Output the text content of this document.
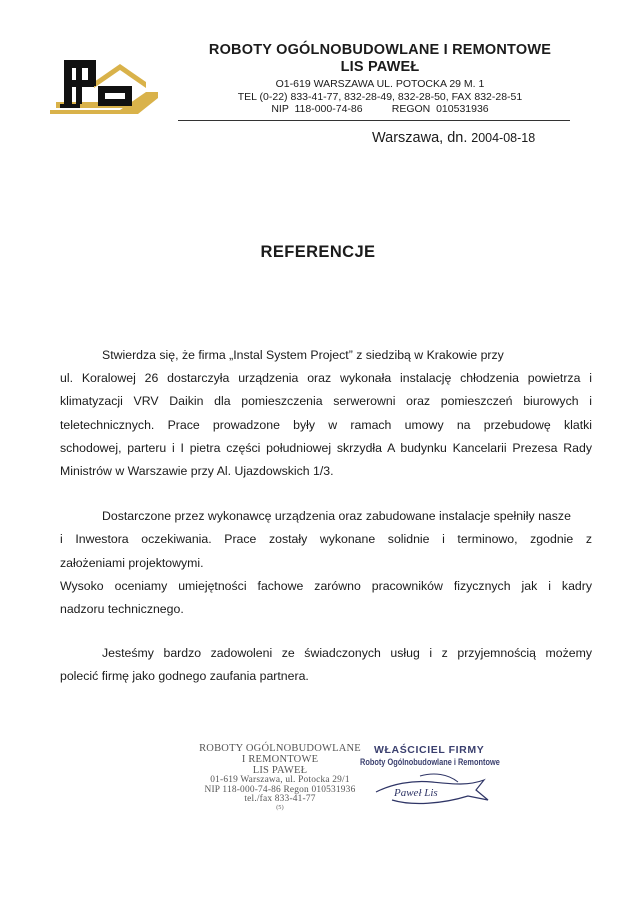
ROBOTY OGÓLNOBUDOWLANE I REMONTOWE
LIS PAWEŁ
O1-619 WARSZAWA UL. POTOCKA 29 M. 1
TEL (0-22) 833-41-77, 832-28-49, 832-28-50, FAX 832-28-51
NIP  118-000-74-86          REGON  010531936
Warszawa, dn. 2004-08-18
REFERENCJE
Stwierdza się, że firma „Instal System Project” z siedzibą w Krakowie przy
ul. Koralowej 26 dostarczyła urządzenia oraz wykonała instalację chłodzenia powietrza i
klimatyzacji VRV Daikin dla pomieszczenia serwerowni oraz pomieszczeń biurowych i
teletechnicznych. Prace prowadzone były w ramach umowy na przebudowę klatki
schodowej, parteru i I pietra części południowej skrzydła A budynku Kancelarii Prezesa Rady
Ministrów w Warszawie przy Al. Ujazdowskich 1/3.
Dostarczone przez wykonawcę urządzenia oraz zabudowane instalacje spełniły nasze
i Inwestora oczekiwania. Prace zostały wykonane solidnie i terminowo, zgodnie z
założeniami projektowymi.
Wysoko oceniamy umiejętności fachowe zarówno pracowników fizycznych jak i kadry
nadzoru technicznego.
Jesteśmy bardzo zadowoleni ze świadczonych usług i z przyjemnością możemy
polecić firmę jako godnego zaufania partnera.
ROBOTY OGÓLNOBUDOWLANE
I REMONTOWE
LIS PAWEŁ
01-619 Warszawa, ul. Potocka 29/1
NIP 118-000-74-86 Regon 010531936
tel./fax 833-41-77
(5)
WŁAŚCICIEL FIRMY
Roboty Ogólnobudowlane i Remontowe
Paweł Lis
